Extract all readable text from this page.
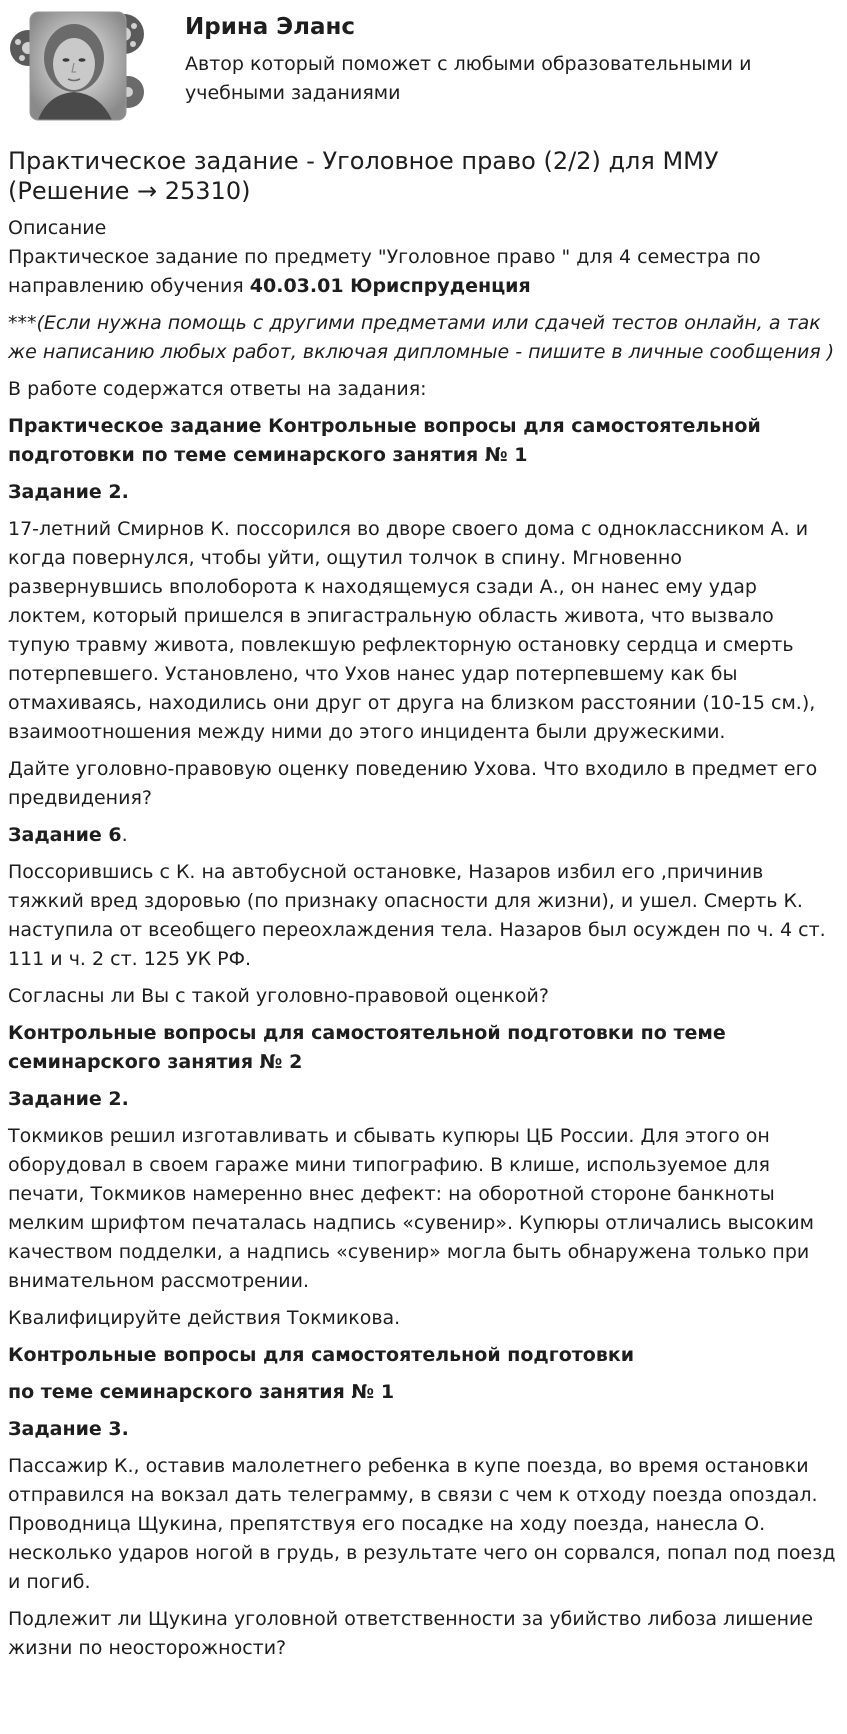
Ирина Эланс
Автор который поможет с любыми образовательными и учебными заданиями
Практическое задание - Уголовное право (2/2) для ММУ (Решение → 25310)
Описание

Практическое задание по предмету "Уголовное право " для 4 семестра по направлению обучения 40.03.01 Юриспруденция

***(Если нужна помощь с другими предметами или сдачей тестов онлайн, а так же написанию любых работ, включая дипломные - пишите в личные сообщения )

В работе содержатся ответы на задания:

Практическое задание Контрольные вопросы для самостоятельной подготовки по теме семинарского занятия № 1

Задание 2.

17-летний Смирнов К. поссорился во дворе своего дома с одноклассником А. и когда повернулся, чтобы уйти, ощутил толчок в спину. Мгновенно развернувшись вполоборота к находящемуся сзади А., он нанес ему удар локтем, который пришелся в эпигастральную область живота, что вызвало тупую травму живота, повлекшую рефлекторную остановку сердца и смерть потерпевшего. Установлено, что Ухов нанес удар потерпевшему как бы отмахиваясь, находились они друг от друга на близком расстоянии (10-15 см.), взаимоотношения между ними до этого инцидента были дружескими.

Дайте уголовно-правовую оценку поведению Ухова. Что входило в предмет его предвидения?

Задание 6.

Поссорившись с К. на автобусной остановке, Назаров избил его ,причинив тяжкий вред здоровью (по признаку опасности для жизни), и ушел. Смерть К. наступила от всеобщего переохлаждения тела. Назаров был осужден по ч. 4 ст. 111 и ч. 2 ст. 125 УК РФ.

Согласны ли Вы с такой уголовно-правовой оценкой?

Контрольные вопросы для самостоятельной подготовки по теме семинарского занятия № 2

Задание 2.

Токмиков решил изготавливать и сбывать купюры ЦБ России. Для этого он оборудовал в своем гараже мини типографию. В клише, используемое для печати, Токмиков намеренно внес дефект: на оборотной стороне банкноты мелким шрифтом печаталась надпись «сувенир». Купюры отличались высоким качеством подделки, а надпись «сувенир» могла быть обнаружена только при внимательном рассмотрении.

Квалифицируйте действия Токмикова.

Контрольные вопросы для самостоятельной подготовки

по теме семинарского занятия № 1

Задание 3.

Пассажир К., оставив малолетнего ребенка в купе поезда, во время остановки отправился на вокзал дать телеграмму, в связи с чем к отходу поезда опоздал. Проводница Щукина, препятствуя его посадке на ходу поезда, нанесла О. несколько ударов ногой в грудь, в результате чего он сорвался, попал под поезд и погиб.

Подлежит ли Щукина уголовной ответственности за убийство либоза лишение жизни по неосторожности?
